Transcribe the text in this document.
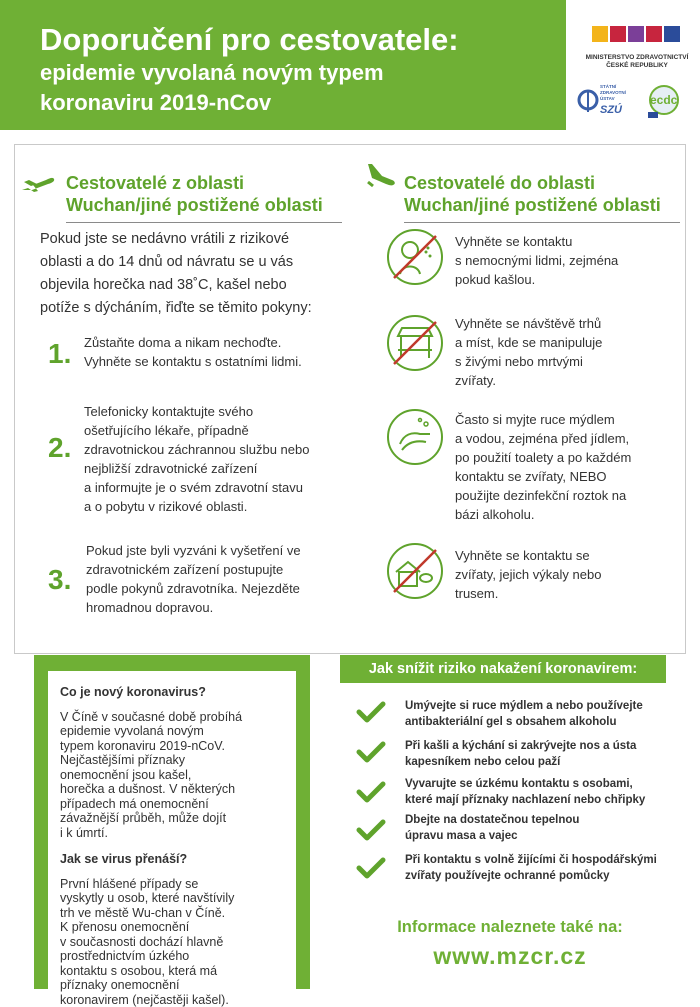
Doporučení pro cestovatele:
epidemie vyvolaná novým typem
koronaviru 2019-nCov
MINISTERSTVO ZDRAVOTNICTVÍ
ČESKÉ REPUBLIKY
STÁTNÍ ZDRAVOTNÍ ÚSTAV
SZÚ
ecdc
Cestovatelé z oblasti
Wuchan/jiné postižené oblasti
Pokud jste se nedávno vrátili z rizikové
oblasti a do 14 dnů od návratu se u vás
objevila horečka nad 38˚C, kašel nebo
potíže s dýcháním, řiďte se těmito pokyny:
1. Zůstaňte doma a nikam nechoďte.
Vyhněte se kontaktu s ostatními lidmi.
2.
Telefonicky kontaktujte svého
ošetřujícího lékaře, případně
zdravotnickou záchrannou službu nebo
nejbližší zdravotnické zařízení
a informujte je o svém zdravotní stavu
a o pobytu v rizikové oblasti.
3.
Pokud jste byli vyzváni k vyšetření ve
zdravotnickém zařízení postupujte
podle pokynů zdravotníka. Nejezděte
hromadnou dopravou.
Cestovatelé do oblasti
Wuchan/jiné postižené oblasti
Vyhněte se kontaktu
s nemocnými lidmi, zejména
pokud kašlou.
Vyhněte se návštěvě trhů
a míst, kde se manipuluje
s živými nebo mrtvými
zvířaty.
Často si myjte ruce mýdlem
a vodou, zejména před jídlem,
po použití toalety a po každém
kontaktu se zvířaty, NEBO
použijte dezinfekční roztok na
bázi alkoholu.
Vyhněte se kontaktu se
zvířaty, jejich výkaly nebo
trusem.
Co je nový koronavirus?
V Číně v současné době probíhá
epidemie vyvolaná novým
typem koronaviru 2019-nCoV.
Nejčastějšími příznaky
onemocnění jsou kašel,
horečka a dušnost. V některých
případech má onemocnění
závažnější průběh, může dojít
i k úmrtí.
Jak se virus přenáší?
První hlášené případy se
vyskytly u osob, které navštívily
trh ve městě Wu-chan v Číně.
K přenosu onemocnění
v současnosti dochází hlavně
prostřednictvím úzkého
kontaktu s osobou, která má
příznaky onemocnění
koronavirem (nejčastěji kašel).
Jak snížit riziko nakažení koronavirem:
Umývejte si ruce mýdlem a nebo používejte
antibakteriální gel s obsahem alkoholu
Při kašli a kýchání si zakrývejte nos a ústa
kapesníkem nebo celou paží
Vyvarujte se úzkému kontaktu s osobami,
které mají příznaky nachlazení nebo chřipky
Dbejte na dostatečnou tepelnou
úpravu masa a vajec
Při kontaktu s volně žijícími či hospodářskými
zvířaty používejte ochranné pomůcky
Informace naleznete také na:
www.mzcr.cz
